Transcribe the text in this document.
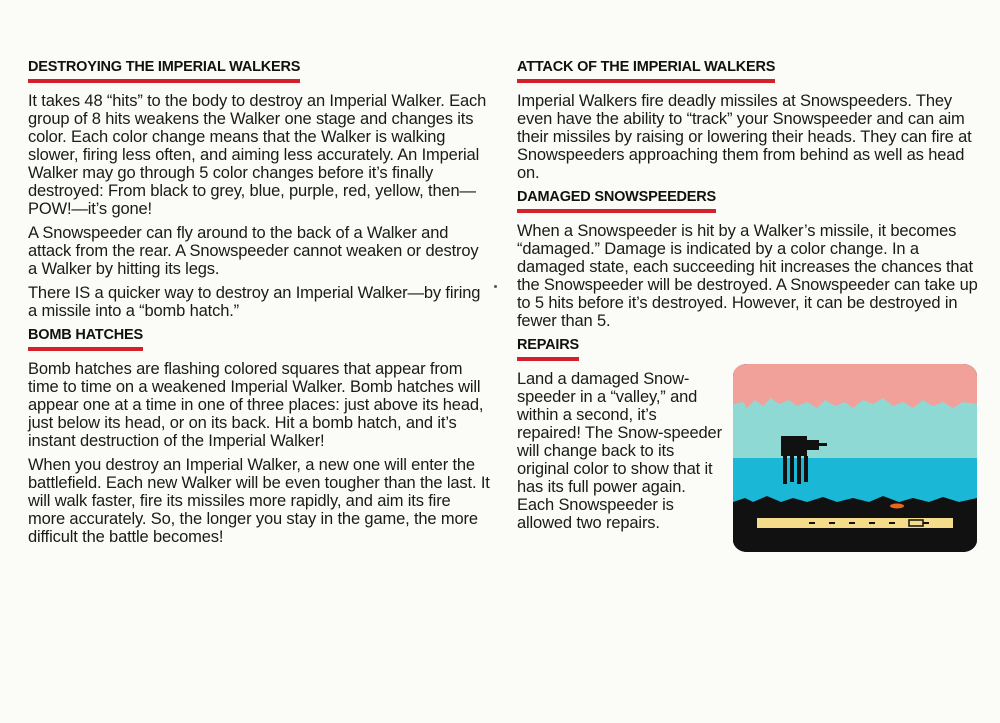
DESTROYING THE IMPERIAL WALKERS

It takes 48 “hits” to the body to destroy an Imperial Walker. Each group of 8 hits weakens the Walker one stage and changes its color. Each color change means that the Walker is walking slower, firing less often, and aiming less accurately. An Imperial Walker may go through 5 color changes before it’s finally destroyed: From black to grey, blue, purple, red, yellow, then—POW!—it’s gone!

A Snowspeeder can fly around to the back of a Walker and attack from the rear. A Snowspeeder cannot weaken or destroy a Walker by hitting its legs.

There IS a quicker way to destroy an Imperial Walker—by firing a missile into a “bomb hatch.”

BOMB HATCHES

Bomb hatches are flashing colored squares that appear from time to time on a weakened Imperial Walker. Bomb hatches will appear one at a time in one of three places: just above its head, just below its head, or on its back. Hit a bomb hatch, and it’s instant destruction of the Imperial Walker!

When you destroy an Imperial Walker, a new one will enter the battlefield. Each new Walker will be even tougher than the last. It will walk faster, fire its missiles more rapidly, and aim its fire more accurately. So, the longer you stay in the game, the more difficult the battle becomes!

ATTACK OF THE IMPERIAL WALKERS

Imperial Walkers fire deadly missiles at Snowspeeders. They even have the ability to “track” your Snowspeeder and can aim their missiles by raising or lowering their heads. They can fire at Snowspeeders approaching them from behind as well as head on.

DAMAGED SNOWSPEEDERS

When a Snowspeeder is hit by a Walker’s missile, it becomes “damaged.” Damage is indicated by a color change. In a damaged state, each succeeding hit increases the chances that the Snowspeeder will be destroyed. A Snowspeeder can take up to 5 hits before it’s destroyed. However, it can be destroyed in fewer than 5.

REPAIRS

Land a damaged Snow-speeder in a “valley,” and within a second, it’s repaired! The Snow-speeder will change back to its original color to show that it has its full power again. Each Snowspeeder is allowed two repairs.
